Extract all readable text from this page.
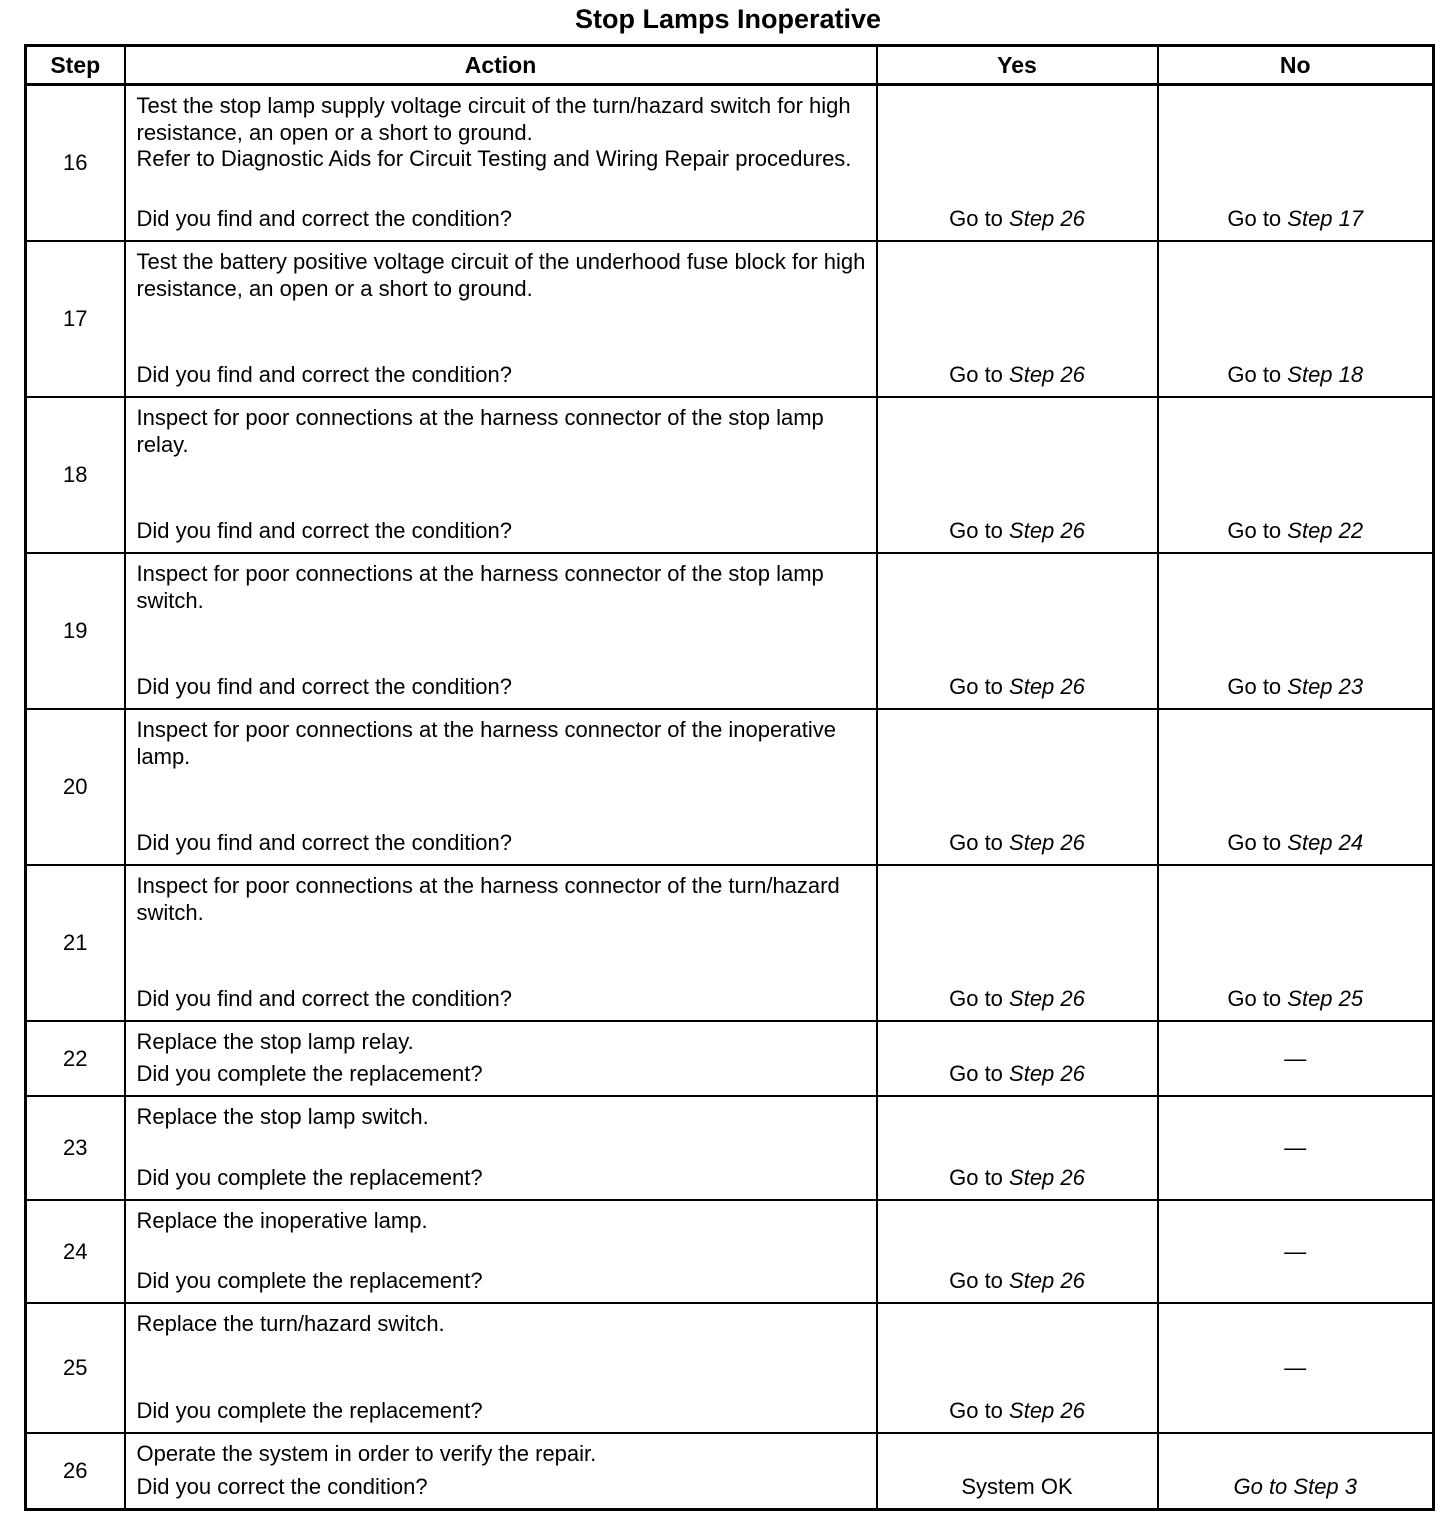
Stop Lamps Inoperative
Step	Action	Yes	No
16	Test the stop lamp supply voltage circuit of the turn/hazard switch for high resistance, an open or a short to ground.
Refer to Diagnostic Aids for Circuit Testing and Wiring Repair procedures.
Did you find and correct the condition?	Go to Step 26	Go to Step 17

17	Test the battery positive voltage circuit of the underhood fuse block for high resistance, an open or a short to ground.
Did you find and correct the condition?	Go to Step 26	Go to Step 18

18	Inspect for poor connections at the harness connector of the stop lamp relay.
Did you find and correct the condition?	Go to Step 26	Go to Step 22

19	Inspect for poor connections at the harness connector of the stop lamp switch.
Did you find and correct the condition?	Go to Step 26	Go to Step 23

20	Inspect for poor connections at the harness connector of the inoperative lamp.
Did you find and correct the condition?	Go to Step 26	Go to Step 24

21	Inspect for poor connections at the harness connector of the turn/hazard switch.
Did you find and correct the condition?	Go to Step 26	Go to Step 25

22	Replace the stop lamp relay.
Did you complete the replacement?	Go to Step 26	—

23	Replace the stop lamp switch.
Did you complete the replacement?	Go to Step 26	—

24	Replace the inoperative lamp.
Did you complete the replacement?	Go to Step 26	—

25	Replace the turn/hazard switch.
Did you complete the replacement?	Go to Step 26	—

26	Operate the system in order to verify the repair.
Did you correct the condition?	System OK	Go to Step 3
